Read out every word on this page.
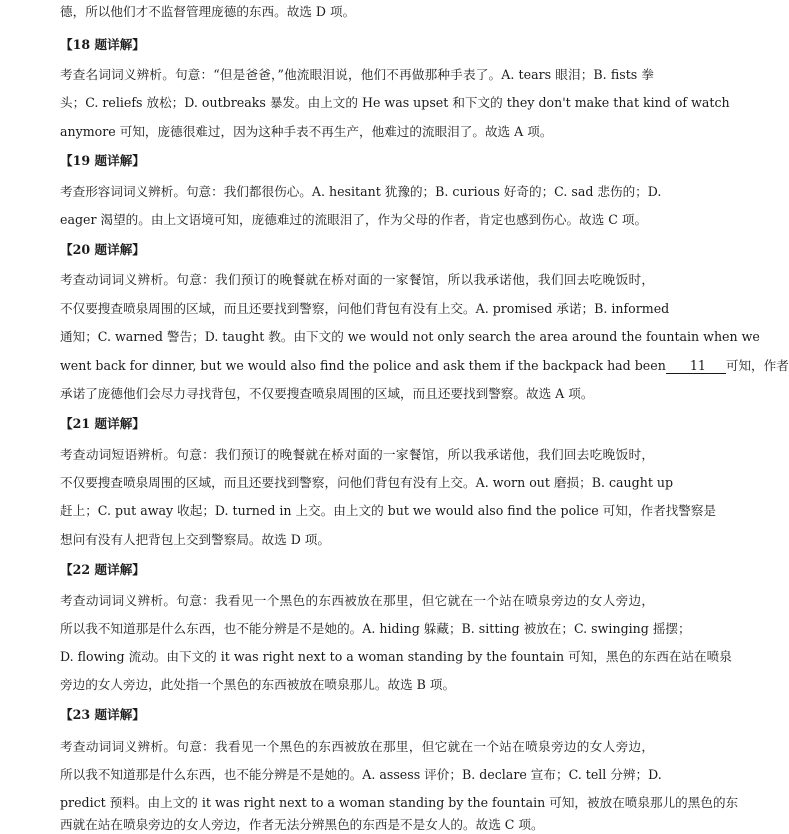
德，所以他们才不监督管理庞德的东西。故选 D 项。
【18 题详解】
考查名词词义辨析。句意：“但是爸爸，”他流眼泪说，他们不再做那种手表了。A. tears 眼泪；B. fists 拳
头；C. reliefs 放松；D. outbreaks 暴发。由上文的 He was upset 和下文的 they don't make that kind of watch
anymore 可知，庞德很难过，因为这种手表不再生产，他难过的流眼泪了。故选 A 项。
【19 题详解】
考查形容词词义辨析。句意：我们都很伤心。A. hesitant 犹豫的；B. curious 好奇的；C. sad 悲伤的；D.
eager 渴望的。由上文语境可知，庞德难过的流眼泪了，作为父母的作者，肯定也感到伤心。故选 C 项。
【20 题详解】
考查动词词义辨析。句意：我们预订的晚餐就在桥对面的一家餐馆，所以我承诺他，我们回去吃晚饭时，
不仅要搜查喷泉周围的区域，而且还要找到警察，问他们背包有没有上交。A. promised 承诺；B. informed
通知；C. warned 警告；D. taught 教。由下文的 we would not only search the area around the fountain when we
went back for dinner, but we would also find the police and ask them if the backpack had been 11 可知，作者
承诺了庞德他们会尽力寻找背包，不仅要搜查喷泉周围的区域，而且还要找到警察。故选 A 项。
【21 题详解】
考查动词短语辨析。句意：我们预订的晚餐就在桥对面的一家餐馆，所以我承诺他，我们回去吃晚饭时，
不仅要搜查喷泉周围的区域，而且还要找到警察，问他们背包有没有上交。A. worn out 磨损；B. caught up
赶上；C. put away 收起；D. turned in 上交。由上文的 but we would also find the police 可知，作者找警察是
想问有没有人把背包上交到警察局。故选 D 项。
【22 题详解】
考查动词词义辨析。句意：我看见一个黑色的东西被放在那里，但它就在一个站在喷泉旁边的女人旁边，
所以我不知道那是什么东西，也不能分辨是不是她的。A. hiding 躲藏；B. sitting 被放在；C. swinging 摇摆；
D. flowing 流动。由下文的 it was right next to a woman standing by the fountain 可知，黑色的东西在站在喷泉
旁边的女人旁边，此处指一个黑色的东西被放在喷泉那儿。故选 B 项。
【23 题详解】
考查动词词义辨析。句意：我看见一个黑色的东西被放在那里，但它就在一个站在喷泉旁边的女人旁边，
所以我不知道那是什么东西，也不能分辨是不是她的。A. assess 评价；B. declare 宣布；C. tell 分辨；D.
predict 预料。由上文的 it was right next to a woman standing by the fountain 可知，被放在喷泉那儿的黑色的东
西就在站在喷泉旁边的女人旁边，作者无法分辨黑色的东西是不是女人的。故选 C 项。
